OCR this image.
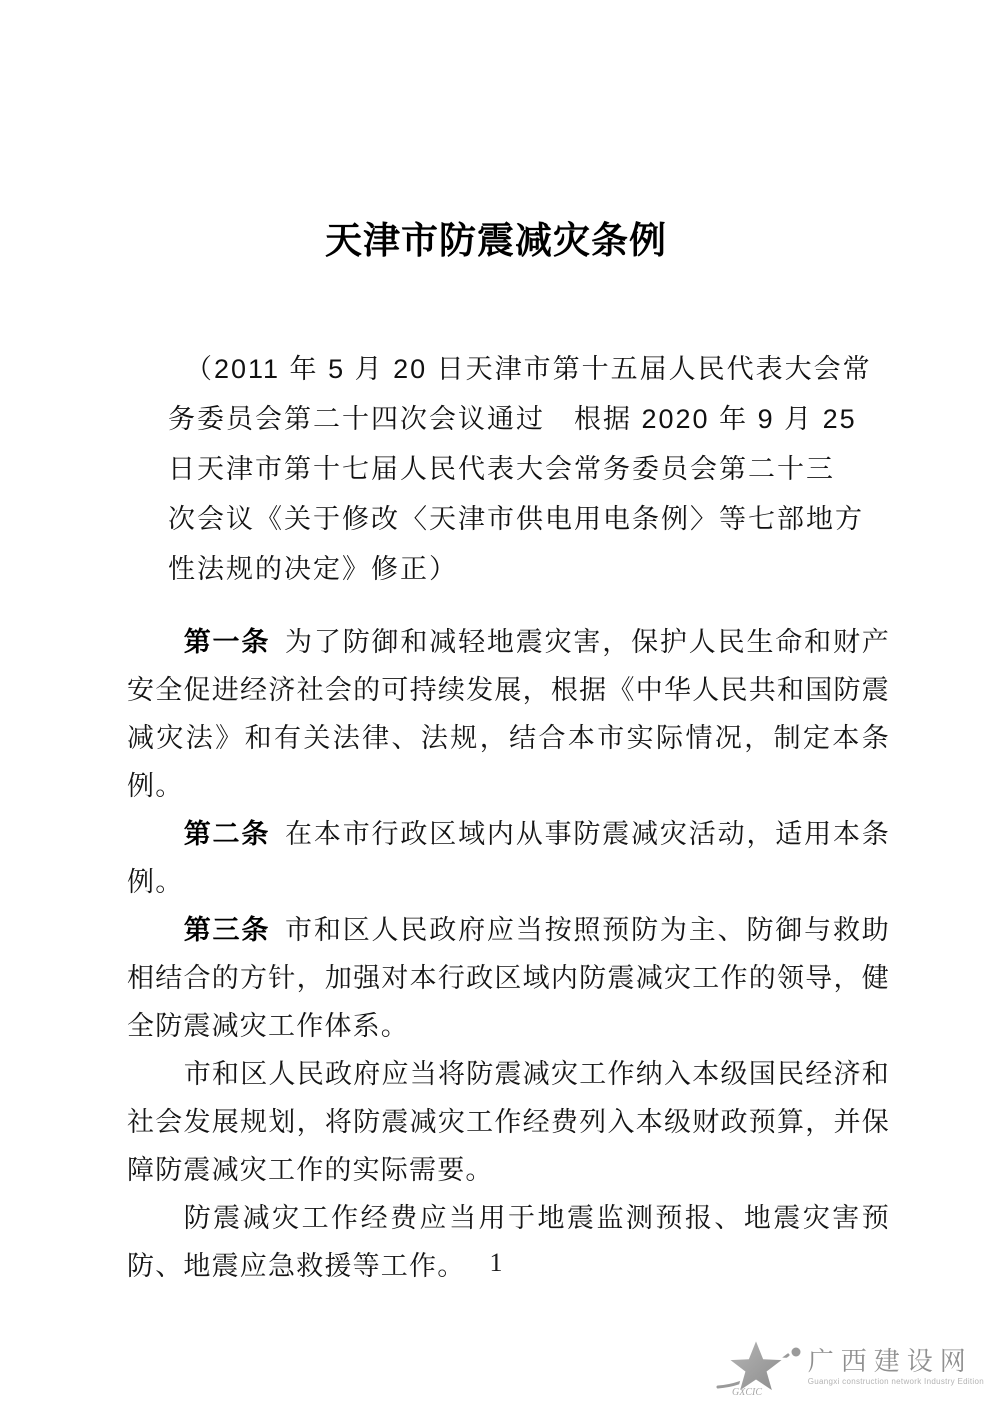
天津市防震减灾条例
（2011 年 5 月 20 日天津市第十五届人民代表大会常
务委员会第二十四次会议通过　根据 2020 年 9 月 25
日天津市第十七届人民代表大会常务委员会第二十三
次会议《关于修改〈天津市供电用电条例〉等七部地方
性法规的决定》修正）

第一条 为了防御和减轻地震灾害，保护人民生命和财产安全促进经济社会的可持续发展，根据《中华人民共和国防震减灾法》和有关法律、法规，结合本市实际情况，制定本条例。

第二条 在本市行政区域内从事防震减灾活动，适用本条例。

第三条 市和区人民政府应当按照预防为主、防御与救助相结合的方针，加强对本行政区域内防震减灾工作的领导，健全防震减灾工作体系。

市和区人民政府应当将防震减灾工作纳入本级国民经济和社会发展规划，将防震减灾工作经费列入本级财政预算，并保障防震减灾工作的实际需要。

防震减灾工作经费应当用于地震监测预报、地震灾害预防、地震应急救援等工作。 1
GXCIC
广西建设网
Guangxi construction network Industry Edition
